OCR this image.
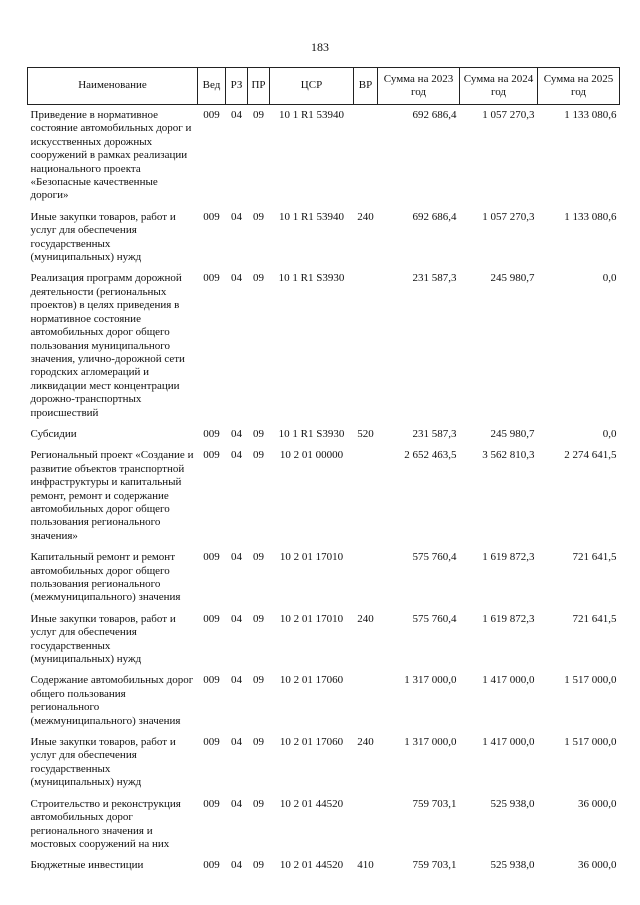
183
Наименование	Вед	РЗ	ПР	ЦСР	ВР	Сумма на 2023 год	Сумма на 2024 год	Сумма на 2025 год
Приведение в нормативное состояние автомобильных дорог и искусственных дорожных сооружений в рамках реализации национального проекта «Безопасные качественные дороги»	009	04	09	10 1 R1 53940		692 686,4	1 057 270,3	1 133 080,6
Иные закупки товаров, работ и услуг для обеспечения государственных (муниципальных) нужд	009	04	09	10 1 R1 53940	240	692 686,4	1 057 270,3	1 133 080,6
Реализация программ дорожной деятельности (региональных проектов) в целях приведения в нормативное состояние автомобильных дорог общего пользования муниципального значения, улично-дорожной сети городских агломераций и ликвидации мест концентрации дорожно-транспортных происшествий	009	04	09	10 1 R1 S3930		231 587,3	245 980,7	0,0
Субсидии	009	04	09	10 1 R1 S3930	520	231 587,3	245 980,7	0,0
Региональный проект «Создание и развитие объектов транспортной инфраструктуры и капитальный ремонт, ремонт и содержание автомобильных дорог общего пользования регионального значения»	009	04	09	10 2 01 00000		2 652 463,5	3 562 810,3	2 274 641,5
Капитальный ремонт и ремонт автомобильных дорог общего пользования регионального (межмуниципального) значения	009	04	09	10 2 01 17010		575 760,4	1 619 872,3	721 641,5
Иные закупки товаров, работ и услуг для обеспечения государственных (муниципальных) нужд	009	04	09	10 2 01 17010	240	575 760,4	1 619 872,3	721 641,5
Содержание автомобильных дорог общего пользования регионального (межмуниципального) значения	009	04	09	10 2 01 17060		1 317 000,0	1 417 000,0	1 517 000,0
Иные закупки товаров, работ и услуг для обеспечения государственных (муниципальных) нужд	009	04	09	10 2 01 17060	240	1 317 000,0	1 417 000,0	1 517 000,0
Строительство и реконструкция автомобильных дорог регионального значения и мостовых сооружений на них	009	04	09	10 2 01 44520		759 703,1	525 938,0	36 000,0
Бюджетные инвестиции	009	04	09	10 2 01 44520	410	759 703,1	525 938,0	36 000,0
